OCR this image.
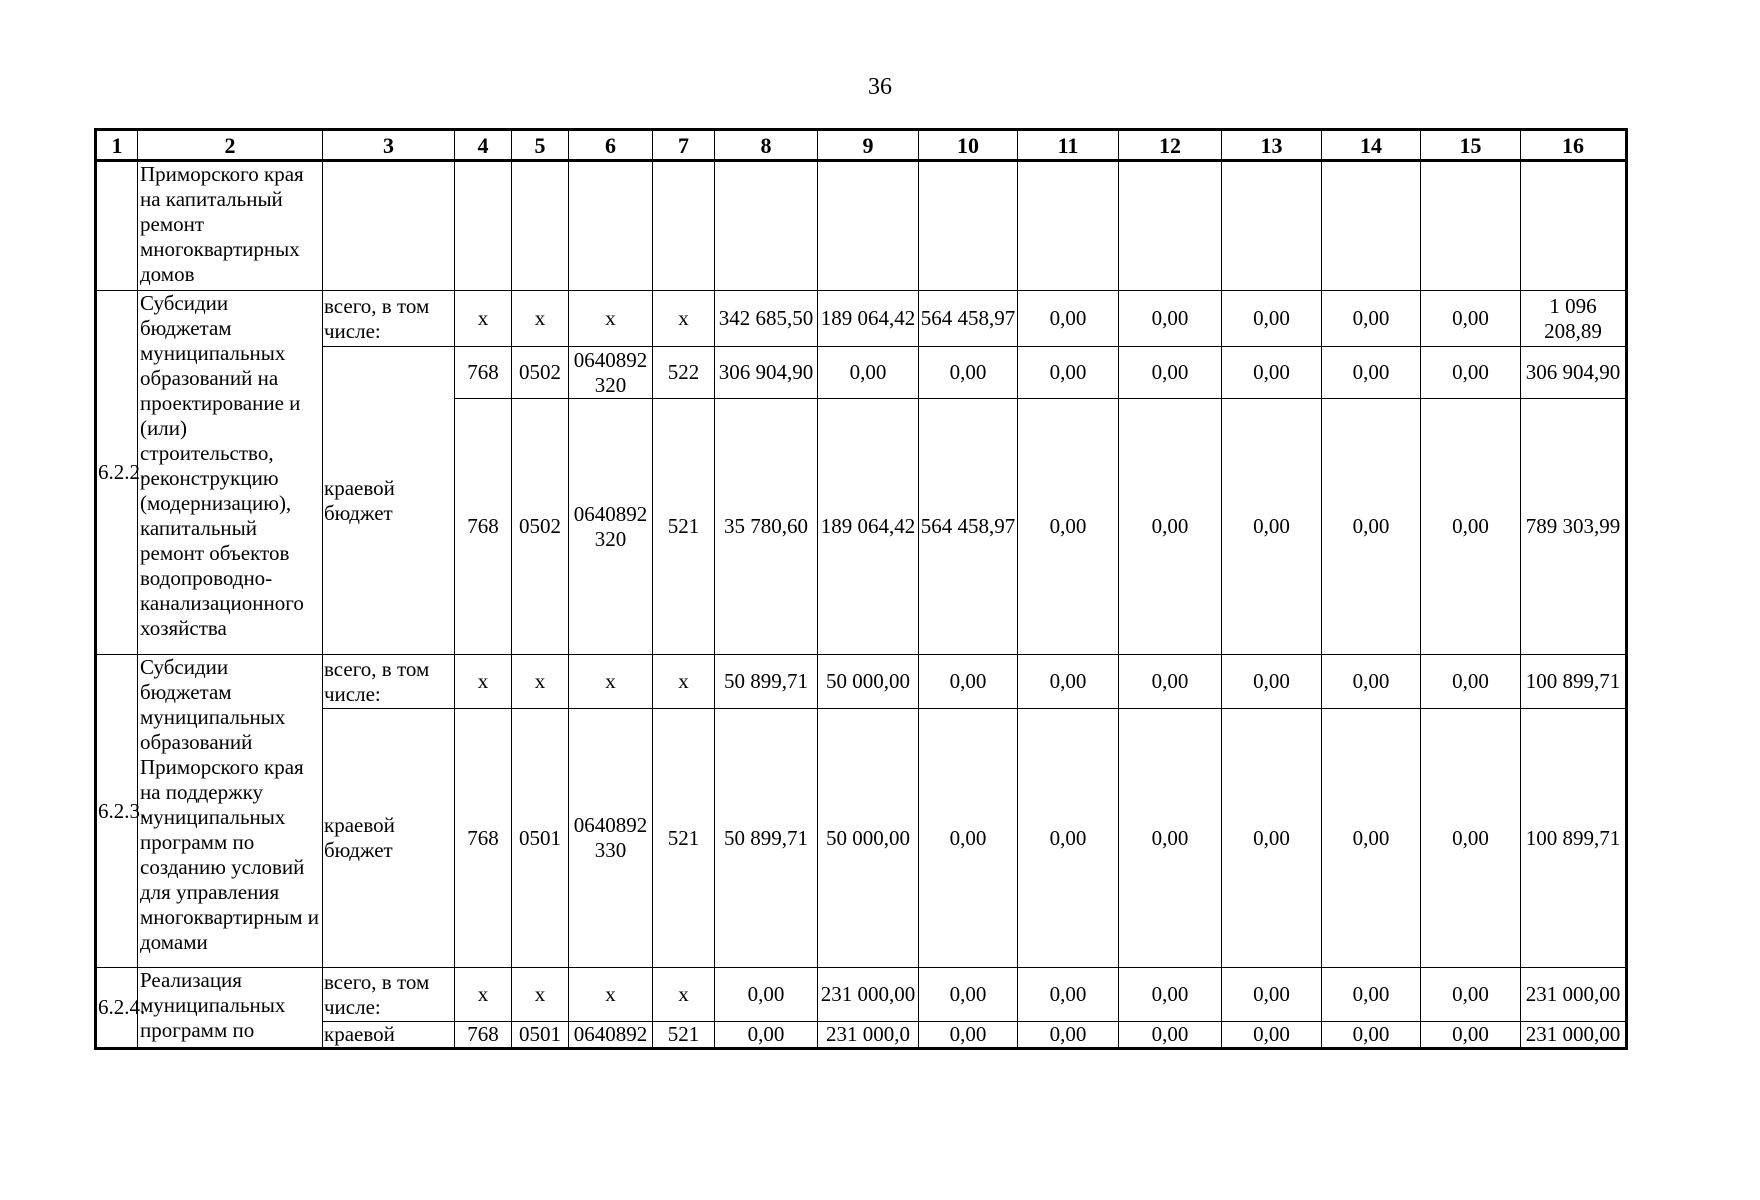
36
1	2	3	4	5	6	7	8	9	10	11	12	13	14	15	16
	Приморского края на капитальный ремонт многоквартирных домов														
6.2.2.	Субсидии бюджетам муниципальных образований на проектирование и (или) строительство, реконструкцию (модернизацию), капитальный ремонт объектов водопроводно-канализационного хозяйства	всего, в том числе:	x	x	x	x	342 685,50	189 064,42	564 458,97	0,00	0,00	0,00	0,00	0,00	1 096 208,89
		краевой бюджет	768	0502	0640892320	522	306 904,90	0,00	0,00	0,00	0,00	0,00	0,00	0,00	306 904,90
			768	0502	0640892320	521	35 780,60	189 064,42	564 458,97	0,00	0,00	0,00	0,00	0,00	789 303,99
6.2.3.	Субсидии бюджетам муниципальных образований Приморского края на поддержку муниципальных программ по созданию условий для управления многоквартирным и домами	всего, в том числе:	x	x	x	x	50 899,71	50 000,00	0,00	0,00	0,00	0,00	0,00	0,00	100 899,71
		краевой бюджет	768	0501	0640892330	521	50 899,71	50 000,00	0,00	0,00	0,00	0,00	0,00	0,00	100 899,71
6.2.4.	Реализация муниципальных программ по	всего, в том числе:	x	x	x	x	0,00	231 000,00	0,00	0,00	0,00	0,00	0,00	0,00	231 000,00
		краевой	768	0501	0640892	521	0,00	231 000,0	0,00	0,00	0,00	0,00	0,00	0,00	231 000,00
